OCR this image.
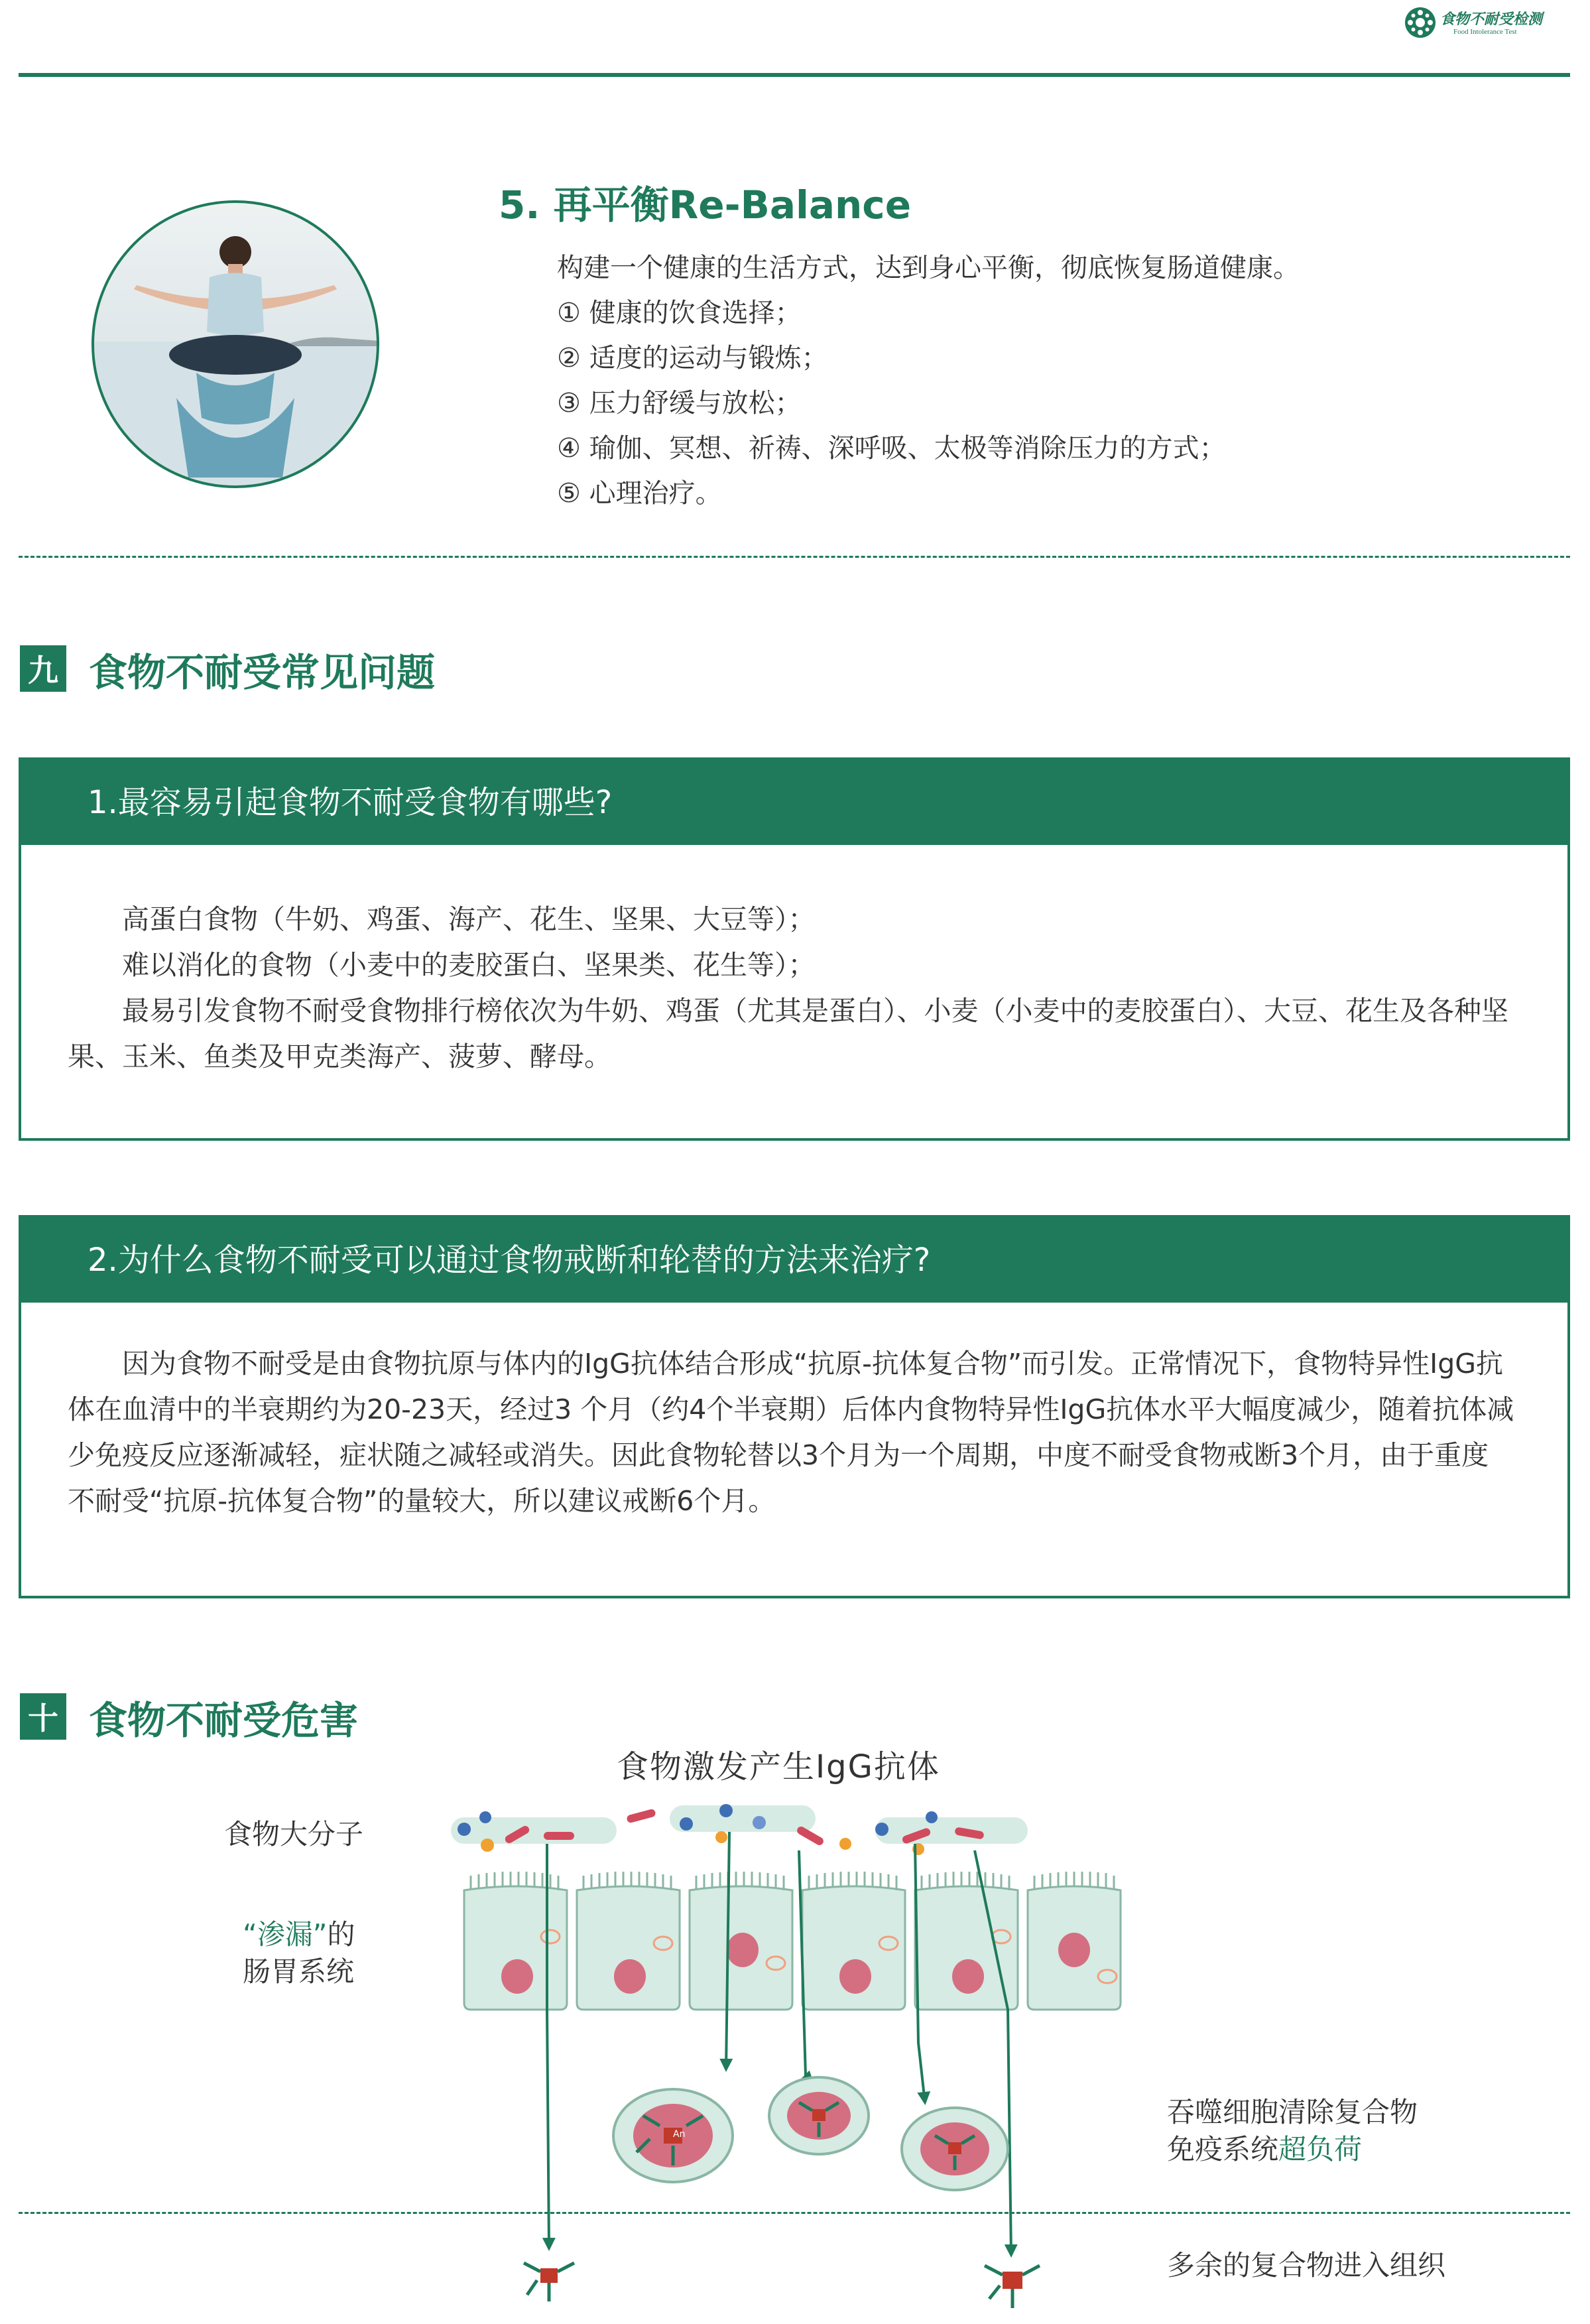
食物不耐受检测
Food Intolerance Test
5. 再平衡Re-Balance
构建一个健康的生活方式，达到身心平衡，彻底恢复肠道健康。
① 健康的饮食选择；
② 适度的运动与锻炼；
③ 压力舒缓与放松；
④ 瑜伽、冥想、祈祷、深呼吸、太极等消除压力的方式；
⑤ 心理治疗。
九 食物不耐受常见问题
1.最容易引起食物不耐受食物有哪些?

高蛋白食物（牛奶、鸡蛋、海产、花生、坚果、大豆等）；

难以消化的食物（小麦中的麦胶蛋白、坚果类、花生等）；

最易引发食物不耐受食物排行榜依次为牛奶、鸡蛋（尤其是蛋白）、小麦（小麦中的麦胶蛋白）、大豆、花生及各种坚果、玉米、鱼类及甲克类海产、菠萝、酵母。

2.为什么食物不耐受可以通过食物戒断和轮替的方法来治疗?

因为食物不耐受是由食物抗原与体内的IgG抗体结合形成“抗原-抗体复合物”而引发。正常情况下，食物特异性IgG抗体在血清中的半衰期约为20-23天，经过3 个月（约4个半衰期）后体内食物特异性IgG抗体水平大幅度减少，随着抗体减少免疫反应逐渐减轻，症状随之减轻或消失。因此食物轮替以3个月为一个周期，中度不耐受食物戒断3个月，由于重度不耐受“抗原-抗体复合物”的量较大，所以建议戒断6个月。

十 食物不耐受危害
食物激发产生IgG抗体
食物大分子
“渗漏”的
肠胃系统
吞噬细胞清除复合物
免疫系统超负荷
多余的复合物进入组织
An
